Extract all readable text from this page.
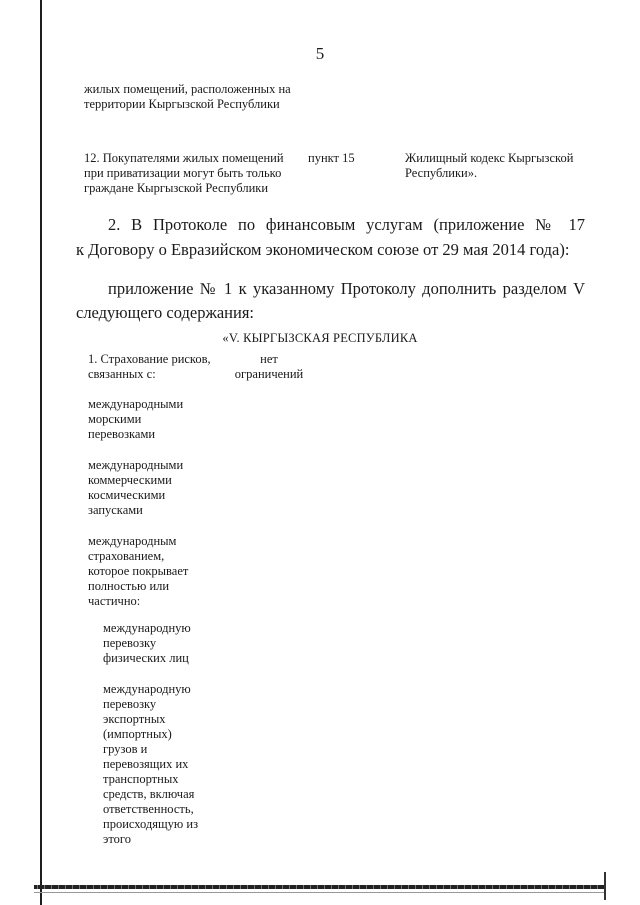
5
жилых помещений, расположенных на территории Кыргызской Республики
12. Покупателями жилых помещений при приватизации могут быть только граждане Кыргызской Республики
пункт 15	Жилищный кодекс Кыргызской Республики».
2. В Протоколе по финансовым услугам (приложение № 17
к Договору о Евразийском экономическом союзе от 29 мая 2014 года):
приложение № 1 к указанному Протоколу дополнить разделом V
следующего содержания:
«V. КЫРГЫЗСКАЯ РЕСПУБЛИКА
1. Страхование рисков, связанных с:
нет ограничений

международными морскими перевозками

международными коммерческими космическими запусками

международным страхованием, которое покрывает полностью или частично:

международную перевозку физических лиц

международную перевозку экспортных (импортных) грузов и перевозящих их транспортных средств, включая ответственность, происходящую из этого
